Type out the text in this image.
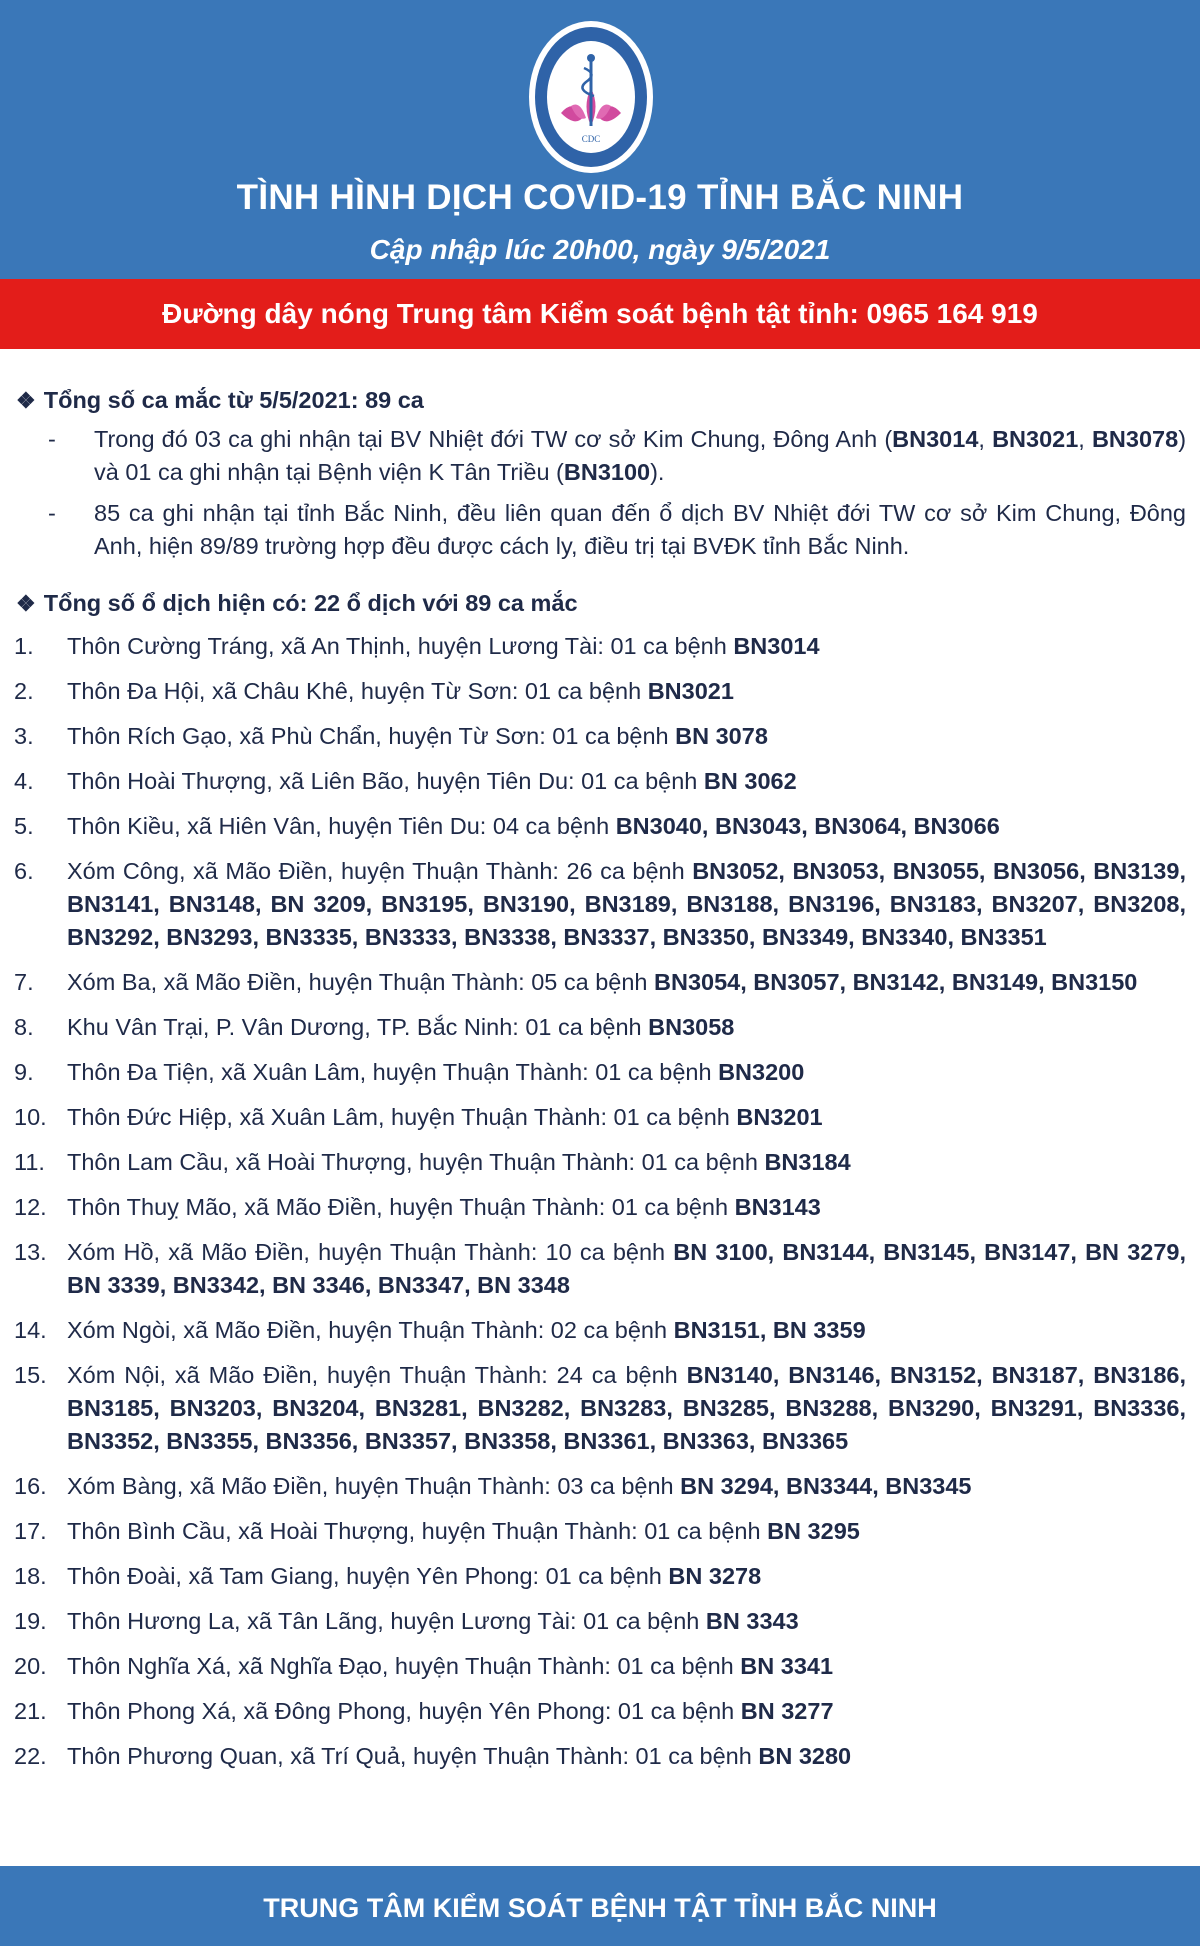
CDC
TÌNH HÌNH DỊCH COVID-19 TỈNH BẮC NINH
Cập nhập lúc 20h00, ngày 9/5/2021
Đường dây nóng Trung tâm Kiểm soát bệnh tật tỉnh: 0965 164 919
❖ Tổng số ca mắc từ 5/5/2021: 89 ca
-	Trong đó 03 ca ghi nhận tại BV Nhiệt đới TW cơ sở Kim Chung, Đông Anh (BN3014, BN3021, BN3078) và 01 ca ghi nhận tại Bệnh viện K Tân Triều (BN3100).
-	85 ca ghi nhận tại tỉnh Bắc Ninh, đều liên quan đến ổ dịch BV Nhiệt đới TW cơ sở Kim Chung, Đông Anh, hiện 89/89 trường hợp đều được cách ly, điều trị tại BVĐK tỉnh Bắc Ninh.
❖ Tổng số ổ dịch hiện có: 22 ổ dịch với 89 ca mắc
1.	Thôn Cường Tráng, xã An Thịnh, huyện Lương Tài: 01 ca bệnh BN3014
2.	Thôn Đa Hội, xã Châu Khê, huyện Từ Sơn: 01 ca bệnh BN3021
3.	Thôn Rích Gạo, xã Phù Chẩn, huyện Từ Sơn: 01 ca bệnh BN 3078
4.	Thôn Hoài Thượng, xã Liên Bão, huyện Tiên Du: 01 ca bệnh BN 3062
5.	Thôn Kiều, xã Hiên Vân, huyện Tiên Du: 04 ca bệnh BN3040, BN3043, BN3064, BN3066
6.	Xóm Công, xã Mão Điền, huyện Thuận Thành: 26 ca bệnh BN3052, BN3053, BN3055, BN3056, BN3139, BN3141, BN3148, BN 3209, BN3195, BN3190, BN3189, BN3188, BN3196, BN3183, BN3207, BN3208, BN3292, BN3293, BN3335, BN3333, BN3338, BN3337, BN3350, BN3349, BN3340, BN3351
7.	Xóm Ba, xã Mão Điền, huyện Thuận Thành: 05 ca bệnh BN3054, BN3057, BN3142, BN3149, BN3150
8.	Khu Vân Trại, P. Vân Dương, TP. Bắc Ninh: 01 ca bệnh BN3058
9.	Thôn Đa Tiện, xã Xuân Lâm, huyện Thuận Thành: 01 ca bệnh BN3200
10. Thôn Đức Hiệp, xã Xuân Lâm, huyện Thuận Thành: 01 ca bệnh BN3201
11. Thôn Lam Cầu, xã Hoài Thượng, huyện Thuận Thành: 01 ca bệnh BN3184
12. Thôn Thuỵ Mão, xã Mão Điền, huyện Thuận Thành: 01 ca bệnh BN3143
13. Xóm Hồ, xã Mão Điền, huyện Thuận Thành: 10 ca bệnh BN 3100, BN3144, BN3145, BN3147, BN 3279, BN 3339, BN3342, BN 3346, BN3347, BN 3348
14. Xóm Ngòi, xã Mão Điền, huyện Thuận Thành: 02 ca bệnh BN3151, BN 3359
15. Xóm Nội, xã Mão Điền, huyện Thuận Thành: 24 ca bệnh BN3140, BN3146, BN3152, BN3187, BN3186, BN3185, BN3203, BN3204, BN3281, BN3282, BN3283, BN3285, BN3288, BN3290, BN3291, BN3336, BN3352, BN3355, BN3356, BN3357, BN3358, BN3361, BN3363, BN3365
16. Xóm Bàng, xã Mão Điền, huyện Thuận Thành: 03 ca bệnh BN 3294, BN3344, BN3345
17. Thôn Bình Cầu, xã Hoài Thượng, huyện Thuận Thành: 01 ca bệnh BN 3295
18. Thôn Đoài, xã Tam Giang, huyện Yên Phong: 01 ca bệnh BN 3278
19. Thôn Hương La, xã Tân Lãng, huyện Lương Tài: 01 ca bệnh BN 3343
20. Thôn Nghĩa Xá, xã Nghĩa Đạo, huyện Thuận Thành: 01 ca bệnh BN 3341
21. Thôn Phong Xá, xã Đông Phong, huyện Yên Phong: 01 ca bệnh BN 3277
22. Thôn Phương Quan, xã Trí Quả, huyện Thuận Thành: 01 ca bệnh BN 3280
TRUNG TÂM KIỂM SOÁT BỆNH TẬT TỈNH BẮC NINH
